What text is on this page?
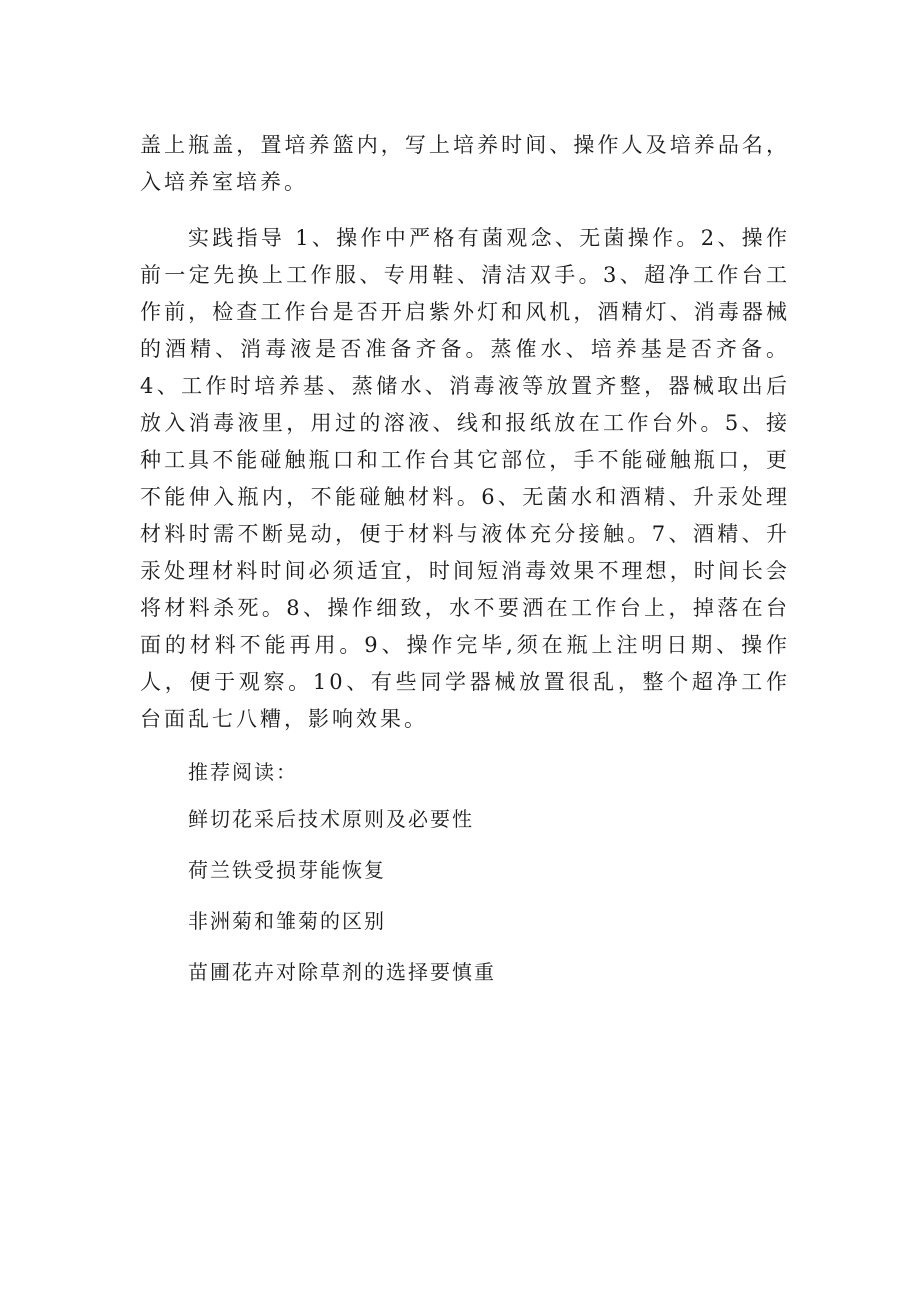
盖上瓶盖，置培养篮内，写上培养时间、操作人及培养品名，入培养室培养。

实践指导 1、操作中严格有菌观念、无菌操作。2、操作前一定先换上工作服、专用鞋、清洁双手。3、超净工作台工作前，检查工作台是否开启紫外灯和风机，酒精灯、消毒器械的酒精、消毒液是否准备齐备。蒸傕水、培养基是否齐备。4、工作时培养基、蒸储水、消毒液等放置齐整，器械取出后放入消毒液里，用过的溶液、线和报纸放在工作台外。5、接种工具不能碰触瓶口和工作台其它部位，手不能碰触瓶口，更不能伸入瓶内，不能碰触材料。6、无菌水和酒精、升汞处理材料时需不断晃动，便于材料与液体充分接触。7、酒精、升汞处理材料时间必须适宜，时间短消毒效果不理想，时间长会将材料杀死。8、操作细致，水不要洒在工作台上，掉落在台面的材料不能再用。9、操作完毕,须在瓶上注明日期、操作人，便于观察。10、有些同学器械放置很乱，整个超净工作台面乱七八糟，影响效果。

推荐阅读：
鲜切花采后技术原则及必要性
荷兰铁受损芽能恢复
非洲菊和雏菊的区别
苗圃花卉对除草剂的选择要慎重
